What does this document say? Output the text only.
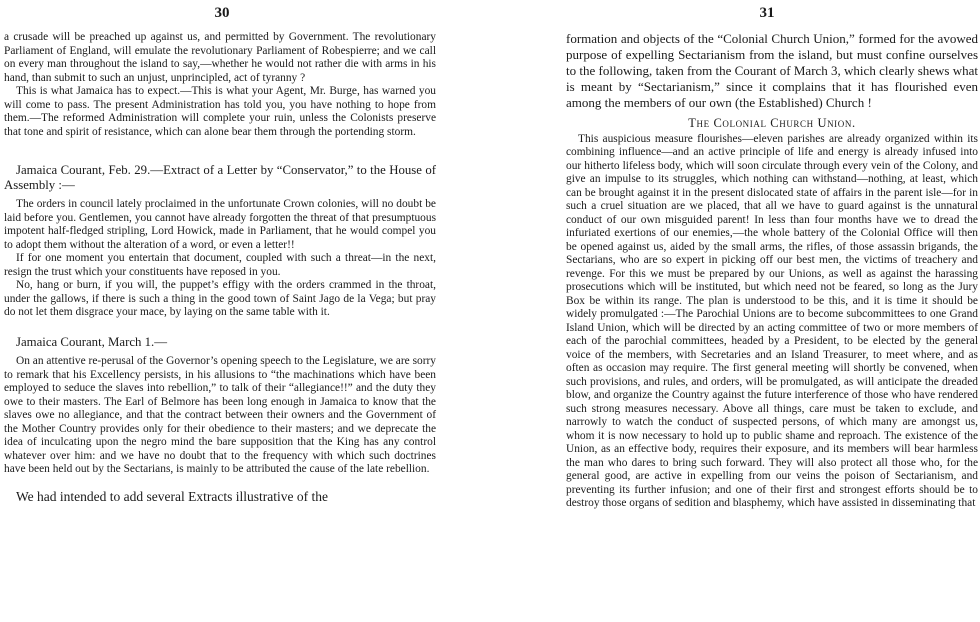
30

a crusade will be preached up against us, and permitted by Government. The revolutionary Parliament of England, will emulate the revolutionary Parliament of Robespierre; and we call on every man throughout the island to say,—whether he would not rather die with arms in his hand, than submit to such an unjust, unprincipled, act of tyranny ?

This is what Jamaica has to expect.—This is what your Agent, Mr. Burge, has warned you will come to pass. The present Administration has told you, you have nothing to hope from them.—The reformed Administration will complete your ruin, unless the Colonists preserve that tone and spirit of resistance, which can alone bear them through the portending storm.

Jamaica Courant, Feb. 29.—Extract of a Letter by “Conservator,” to the House of Assembly :—

The orders in council lately proclaimed in the unfortunate Crown colonies, will no doubt be laid before you. Gentlemen, you cannot have already forgotten the threat of that presumptuous impotent half-fledged stripling, Lord Howick, made in Parliament, that he would compel you to adopt them without the alteration of a word, or even a letter!!

If for one moment you entertain that document, coupled with such a threat—in the next, resign the trust which your constituents have reposed in you.

No, hang or burn, if you will, the puppet’s effigy with the orders crammed in the throat, under the gallows, if there is such a thing in the good town of Saint Jago de la Vega; but pray do not let them disgrace your mace, by laying on the same table with it.

Jamaica Courant, March 1.—

On an attentive re-perusal of the Governor’s opening speech to the Legislature, we are sorry to remark that his Excellency persists, in his allusions to “the machinations which have been employed to seduce the slaves into rebellion,” to talk of their “allegiance!!” and the duty they owe to their masters. The Earl of Belmore has been long enough in Jamaica to know that the slaves owe no allegiance, and that the contract between their owners and the Government of the Mother Country provides only for their obedience to their masters; and we deprecate the idea of inculcating upon the negro mind the bare supposition that the King has any control whatever over him: and we have no doubt that to the frequency with which such doctrines have been held out by the Sectarians, is mainly to be attributed the cause of the late rebellion.

We had intended to add several Extracts illustrative of the

31

formation and objects of the “Colonial Church Union,” formed for the avowed purpose of expelling Sectarianism from the island, but must confine ourselves to the following, taken from the Courant of March 3, which clearly shews what is meant by “Sectarianism,” since it complains that it has flourished even among the members of our own (the Established) Church !

The Colonial Church Union.

This auspicious measure flourishes—eleven parishes are already organized within its combining influence—and an active principle of life and energy is already infused into our hitherto lifeless body, which will soon circulate through every vein of the Colony, and give an impulse to its struggles, which nothing can withstand—nothing, at least, which can be brought against it in the present dislocated state of affairs in the parent isle—for in such a cruel situation are we placed, that all we have to guard against is the unnatural conduct of our own misguided parent! In less than four months have we to dread the infuriated exertions of our enemies,—the whole battery of the Colonial Office will then be opened against us, aided by the small arms, the rifles, of those assassin brigands, the Sectarians, who are so expert in picking off our best men, the victims of treachery and revenge. For this we must be prepared by our Unions, as well as against the harassing prosecutions which will be instituted, but which need not be feared, so long as the Jury Box be within its range. The plan is understood to be this, and it is time it should be widely promulgated :—The Parochial Unions are to become subcommittees to one Grand Island Union, which will be directed by an acting committee of two or more members of each of the parochial committees, headed by a President, to be elected by the general voice of the members, with Secretaries and an Island Treasurer, to meet where, and as often as occasion may require. The first general meeting will shortly be convened, when such provisions, and rules, and orders, will be promulgated, as will anticipate the dreaded blow, and organize the Country against the future interference of those who have rendered such strong measures necessary. Above all things, care must be taken to exclude, and narrowly to watch the conduct of suspected persons, of which many are amongst us, whom it is now necessary to hold up to public shame and reproach. The existence of the Union, as an effective body, requires their exposure, and its members will bear harmless the man who dares to bring such forward. They will also protect all those who, for the general good, are active in expelling from our veins the poison of Sectarianism, and preventing its further infusion; and one of their first and strongest efforts should be to destroy those organs of sedition and blasphemy, which have assisted in disseminating that
